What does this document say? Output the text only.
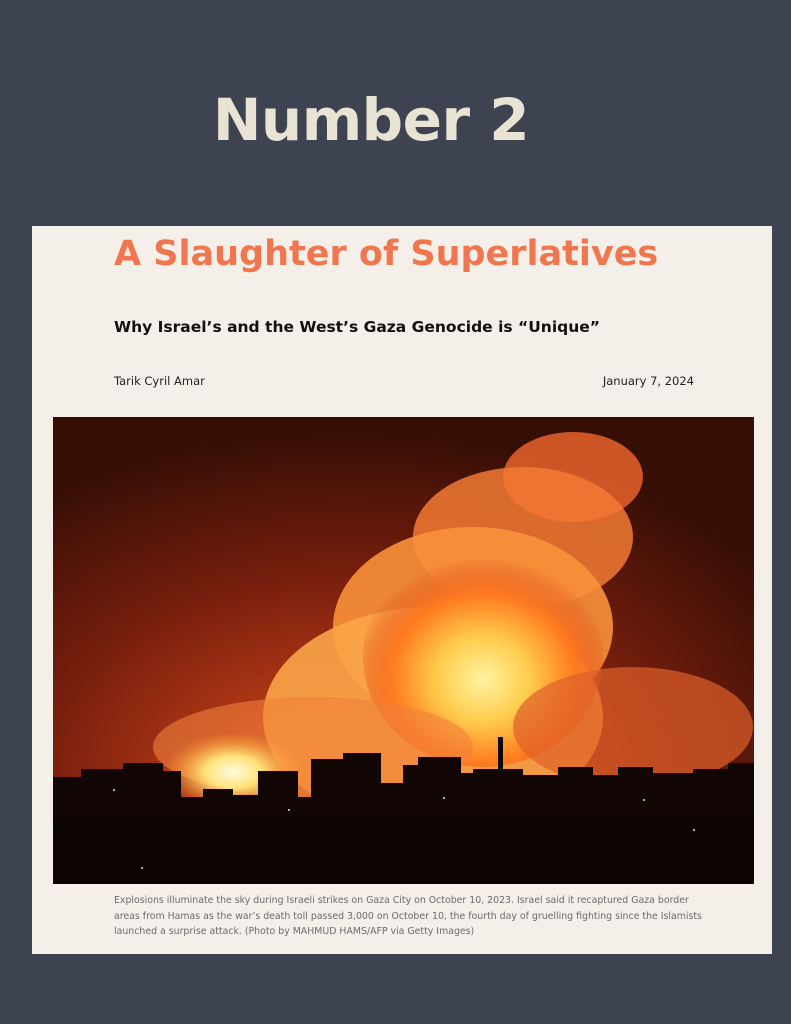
Number 2
A Slaughter of Superlatives
Why Israel’s and the West’s Gaza Genocide is “Unique”
Tarik Cyril Amar	January 7, 2024

Explosions illuminate the sky during Israeli strikes on Gaza City on October 10, 2023. Israel said it recaptured Gaza border areas from Hamas as the war’s death toll passed 3,000 on October 10, the fourth day of gruelling fighting since the Islamists launched a surprise attack. (Photo by MAHMUD HAMS/AFP via Getty Images)
